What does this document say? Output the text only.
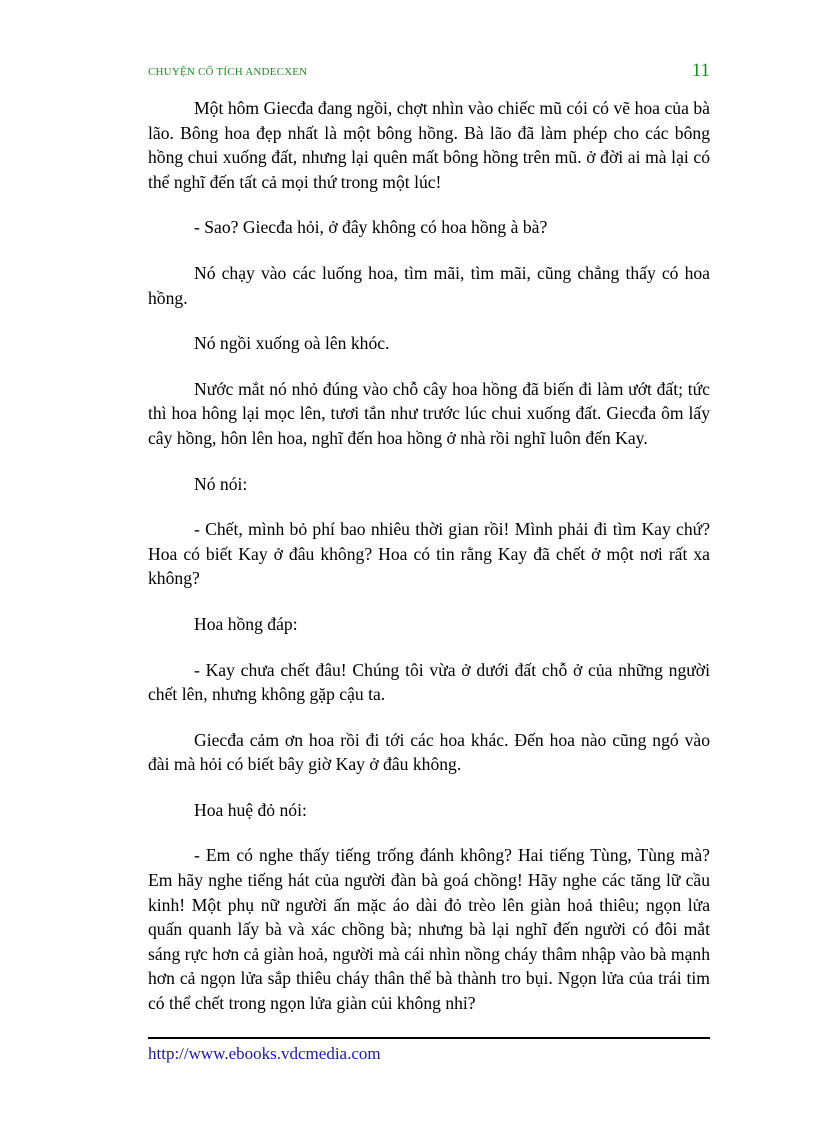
CHUYỆN CỔ TÍCH ANDECXEN	11

Một hôm Giecđa đang ngồi, chợt nhìn vào chiếc mũ cói có vẽ hoa của bà lão. Bông hoa đẹp nhất là một bông hồng. Bà lão đã làm phép cho các bông hồng chui xuống đất, nhưng lại quên mất bông hồng trên mũ. ở đời ai mà lại có thể nghĩ đến tất cả mọi thứ trong một lúc!

- Sao? Giecđa hỏi, ở đây không có hoa hồng à bà?

Nó chạy vào các luống hoa, tìm mãi, tìm mãi, cũng chẳng thấy có hoa hồng.

Nó ngồi xuống oà lên khóc.

Nước mắt nó nhỏ đúng vào chỗ cây hoa hồng đã biến đi làm ướt đất; tức thì hoa hông lại mọc lên, tươi tắn như trước lúc chui xuống đất. Giecđa ôm lấy cây hồng, hôn lên hoa, nghĩ đến hoa hồng ở nhà rồi nghĩ luôn đến Kay.

Nó nói:

- Chết, mình bỏ phí bao nhiêu thời gian rồi! Mình phải đi tìm Kay chứ? Hoa có biết Kay ở đâu không? Hoa có tin rằng Kay đã chết ở một nơi rất xa không?

Hoa hồng đáp:

- Kay chưa chết đâu! Chúng tôi vừa ở dưới đất chỗ ở của những người chết lên, nhưng không gặp cậu ta.

Giecđa cảm ơn hoa rồi đi tới các hoa khác. Đến hoa nào cũng ngó vào đài mà hỏi có biết bây giờ Kay ở đâu không.

Hoa huệ đỏ nói:

- Em có nghe thấy tiếng trống đánh không? Hai tiếng Tùng, Tùng mà? Em hãy nghe tiếng hát của người đàn bà goá chồng! Hãy nghe các tăng lữ cầu kinh! Một phụ nữ người ấn mặc áo dài đỏ trèo lên giàn hoả thiêu; ngọn lửa quấn quanh lấy bà và xác chồng bà; nhưng bà lại nghĩ đến người có đôi mắt sáng rực hơn cả giàn hoả, người mà cái nhìn nồng cháy thâm nhập vào bà mạnh hơn cả ngọn lửa sắp thiêu cháy thân thể bà thành tro bụi. Ngọn lửa của trái tim có thể chết trong ngọn lửa giàn củi không nhỉ?

http://www.ebooks.vdcmedia.com
